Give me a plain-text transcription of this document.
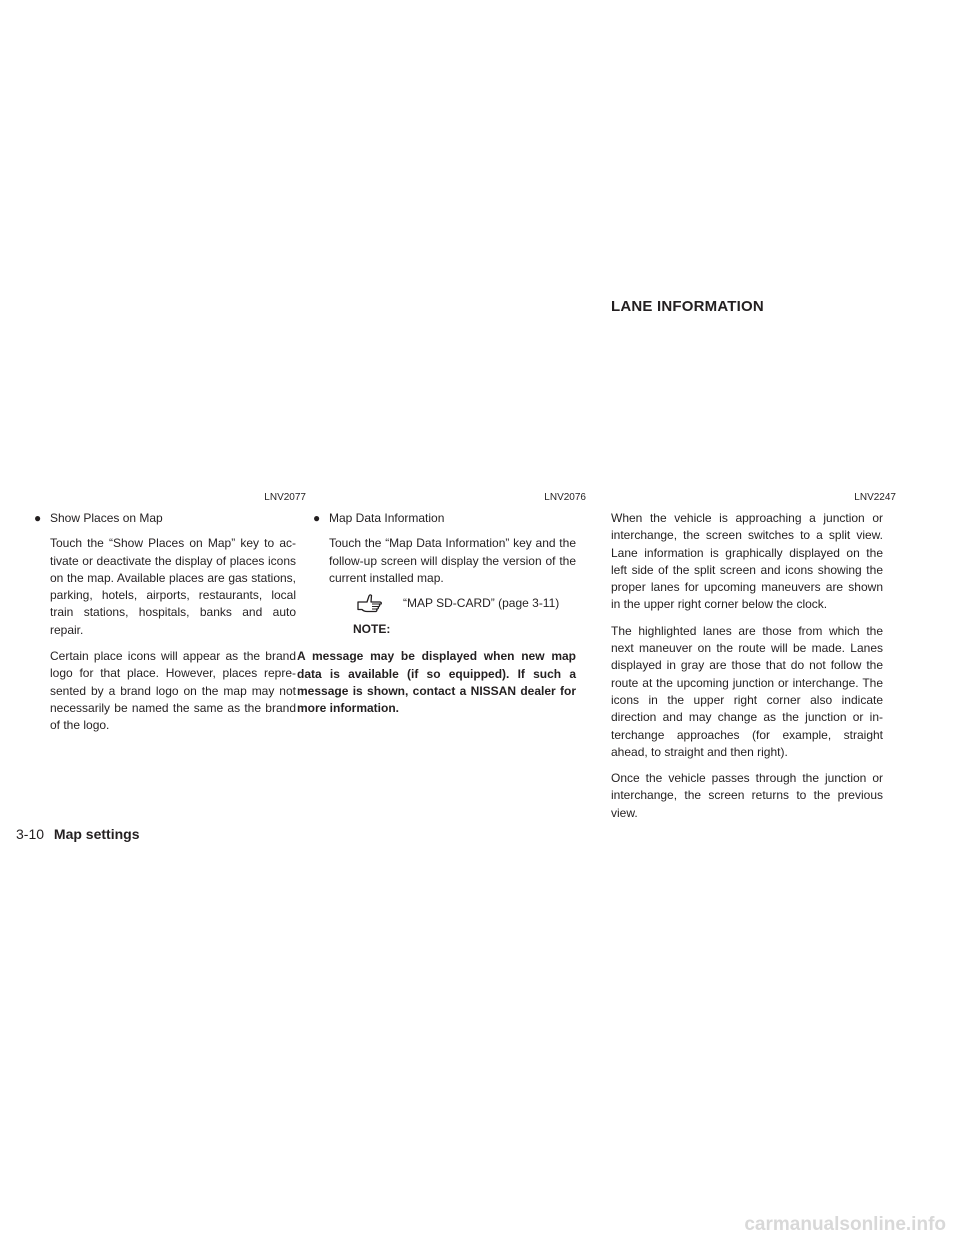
LANE INFORMATION
LNV2077	LNV2076	LNV2247
● Show Places on Map

Touch the “Show Places on Map” key to ac- tivate or deactivate the display of places icons on the map. Available places are gas stations, parking, hotels, airports, restaurants, local train stations, hospitals, banks and auto repair.

Certain place icons will appear as the brand logo for that place. However, places repre- sented by a brand logo on the map may not necessarily be named the same as the brand of the logo.

● Map Data Information

Touch the “Map Data Information” key and the follow-up screen will display the version of the current installed map.

“MAP SD-CARD” (page 3-11)
NOTE:

A message may be displayed when new map data is available (if so equipped). If such a message is shown, contact a NISSAN dealer for more information.

When the vehicle is approaching a junction or interchange, the screen switches to a split view. Lane information is graphically displayed on the left side of the split screen and icons showing the proper lanes for upcoming maneuvers are shown in the upper right corner below the clock.

The highlighted lanes are those from which the next maneuver on the route will be made. Lanes displayed in gray are those that do not follow the route at the upcoming junction or interchange. The icons in the upper right corner also indicate direction and may change as the junction or in- terchange approaches (for example, straight ahead, to straight and then right).

Once the vehicle passes through the junction or interchange, the screen returns to the previous view.

3-10 Map settings
carmanualsonline.info
